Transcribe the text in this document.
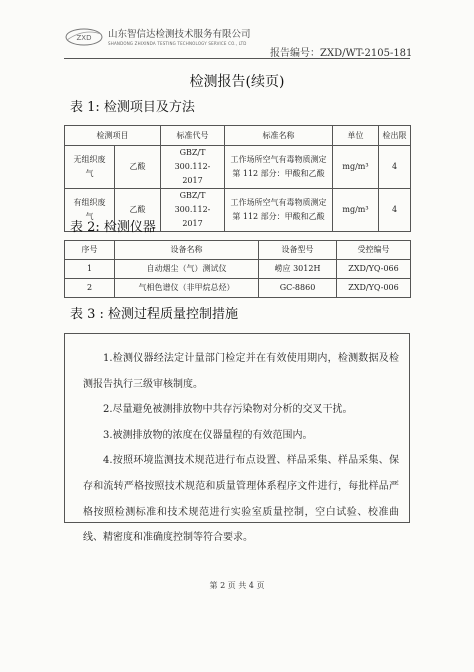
ZXD 山东智信达检测技术服务有限公司
SHANDONG ZHIXINDA TESTING TECHNOLOGY SERVICE CO., LTD
报告编号：ZXD/WT-2105-181
检测报告(续页)
表 1: 检测项目及方法
检测项目		标准代号	标准名称	单位	检出限
无组织废气	乙酸	GBZ/T 300.112-2017	工作场所空气有毒物质测定第 112 部分：甲酸和乙酸	mg/m³	4
有组织废气	乙酸	GBZ/T 300.112-2017	工作场所空气有毒物质测定第 112 部分：甲酸和乙酸	mg/m³	4
表 2: 检测仪器
序号	设备名称	设备型号	受控编号
1	自动烟尘（气）测试仪	崂应 3012H	ZXD/YQ-066
2	气相色谱仪（非甲烷总烃）	GC-8860	ZXD/YQ-006
表 3 : 检测过程质量控制措施

1.检测仪器经法定计量部门检定并在有效使用期内，检测数据及检测报告执行三级审核制度。

2.尽量避免被测排放物中共存污染物对分析的交叉干扰。

3.被测排放物的浓度在仪器量程的有效范围内。

4.按照环境监测技术规范进行布点设置、样品采集、样品采集、保存和流转严格按照技术规范和质量管理体系程序文件进行，每批样品严格按照检测标准和技术规范进行实验室质量控制，空白试验、校准曲线、精密度和准确度控制等符合要求。

第 2 页 共 4 页
